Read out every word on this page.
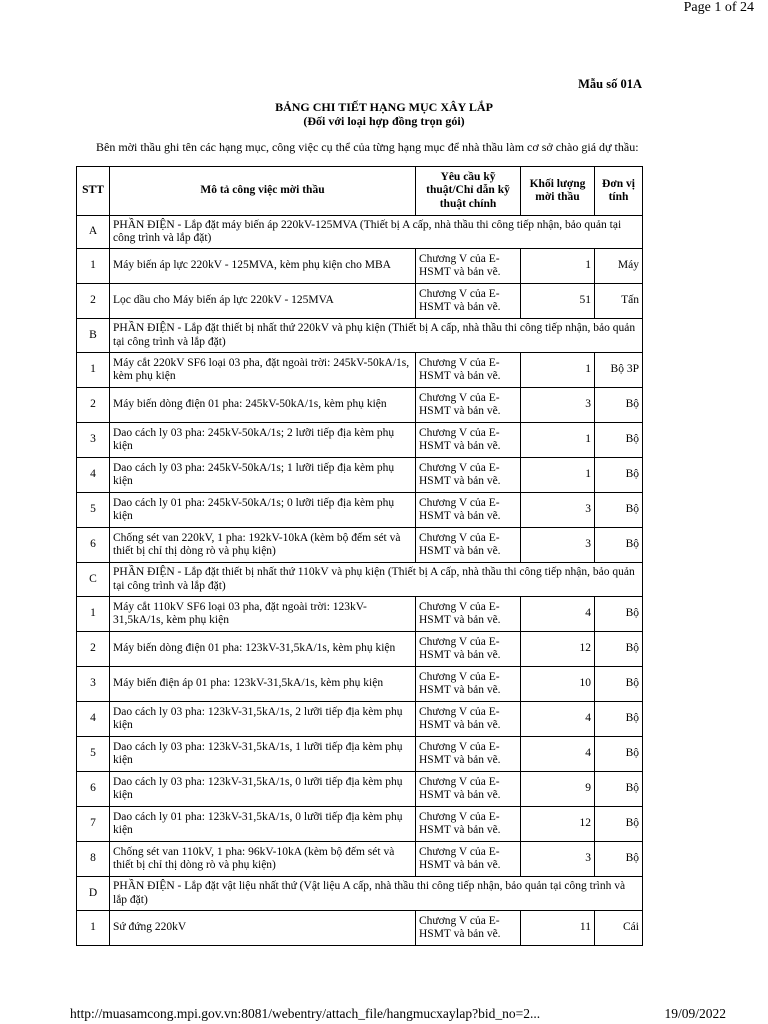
Page 1 of 24
Mẫu số 01A
BẢNG CHI TIẾT HẠNG MỤC XÂY LẮP
(Đối với loại hợp đồng trọn gói)
Bên mời thầu ghi tên các hạng mục, công việc cụ thể của từng hạng mục để nhà thầu làm cơ sở chào giá dự thầu:
STT	Mô tả công việc mời thầu	Yêu cầu kỹ thuật/Chỉ dẫn kỹ thuật chính	Khối lượng mời thầu	Đơn vị tính
A	PHẦN ĐIỆN - Lắp đặt máy biến áp 220kV-125MVA (Thiết bị A cấp, nhà thầu thi công tiếp nhận, bảo quản tại công trình và lắp đặt)			
1	Máy biến áp lực 220kV - 125MVA, kèm phụ kiện cho MBA	Chương V của E-HSMT và bản vẽ.	1	Máy
2	Lọc dầu cho Máy biến áp lực 220kV - 125MVA	Chương V của E-HSMT và bản vẽ.	51	Tấn
B	PHẦN ĐIỆN - Lắp đặt thiết bị nhất thứ 220kV và phụ kiện (Thiết bị A cấp, nhà thầu thi công tiếp nhận, bảo quản tại công trình và lắp đặt)			
1	Máy cắt 220kV SF6 loại 03 pha, đặt ngoài trời: 245kV-50kA/1s, kèm phụ kiện	Chương V của E-HSMT và bản vẽ.	1	Bộ 3P
2	Máy biến dòng điện 01 pha: 245kV-50kA/1s, kèm phụ kiện	Chương V của E-HSMT và bản vẽ.	3	Bộ
3	Dao cách ly 03 pha: 245kV-50kA/1s; 2 lưỡi tiếp địa kèm phụ kiện	Chương V của E-HSMT và bản vẽ.	1	Bộ
4	Dao cách ly 03 pha: 245kV-50kA/1s; 1 lưỡi tiếp địa kèm phụ kiện	Chương V của E-HSMT và bản vẽ.	1	Bộ
5	Dao cách ly 01 pha: 245kV-50kA/1s; 0 lưỡi tiếp địa kèm phụ kiện	Chương V của E-HSMT và bản vẽ.	3	Bộ
6	Chống sét van 220kV, 1 pha: 192kV-10kA (kèm bộ đếm sét và thiết bị chỉ thị dòng rò và phụ kiện)	Chương V của E-HSMT và bản vẽ.	3	Bộ
C	PHẦN ĐIỆN - Lắp đặt thiết bị nhất thứ 110kV và phụ kiện (Thiết bị A cấp, nhà thầu thi công tiếp nhận, bảo quản tại công trình và lắp đặt)			
1	Máy cắt 110kV SF6 loại 03 pha, đặt ngoài trời: 123kV-31,5kA/1s, kèm phụ kiện	Chương V của E-HSMT và bản vẽ.	4	Bộ
2	Máy biến dòng điện 01 pha: 123kV-31,5kA/1s, kèm phụ kiện	Chương V của E-HSMT và bản vẽ.	12	Bộ
3	Máy biến điện áp 01 pha: 123kV-31,5kA/1s, kèm phụ kiện	Chương V của E-HSMT và bản vẽ.	10	Bộ
4	Dao cách ly 03 pha: 123kV-31,5kA/1s, 2 lưỡi tiếp địa kèm phụ kiện	Chương V của E-HSMT và bản vẽ.	4	Bộ
5	Dao cách ly 03 pha: 123kV-31,5kA/1s, 1 lưỡi tiếp địa kèm phụ kiện	Chương V của E-HSMT và bản vẽ.	4	Bộ
6	Dao cách ly 03 pha: 123kV-31,5kA/1s, 0 lưỡi tiếp địa kèm phụ kiện	Chương V của E-HSMT và bản vẽ.	9	Bộ
7	Dao cách ly 01 pha: 123kV-31,5kA/1s, 0 lưỡi tiếp địa kèm phụ kiện	Chương V của E-HSMT và bản vẽ.	12	Bộ
8	Chống sét van 110kV, 1 pha: 96kV-10kA (kèm bộ đếm sét và thiết bị chỉ thị dòng rò và phụ kiện)	Chương V của E-HSMT và bản vẽ.	3	Bộ
D	PHẦN ĐIỆN - Lắp đặt vật liệu nhất thứ (Vật liệu A cấp, nhà thầu thi công tiếp nhận, bảo quản tại công trình và lắp đặt)			
1	Sứ đứng 220kV	Chương V của E-HSMT và bản vẽ.	11	Cái
http://muasamcong.mpi.gov.vn:8081/webentry/attach_file/hangmucxaylap?bid_no=2...	19/09/2022
